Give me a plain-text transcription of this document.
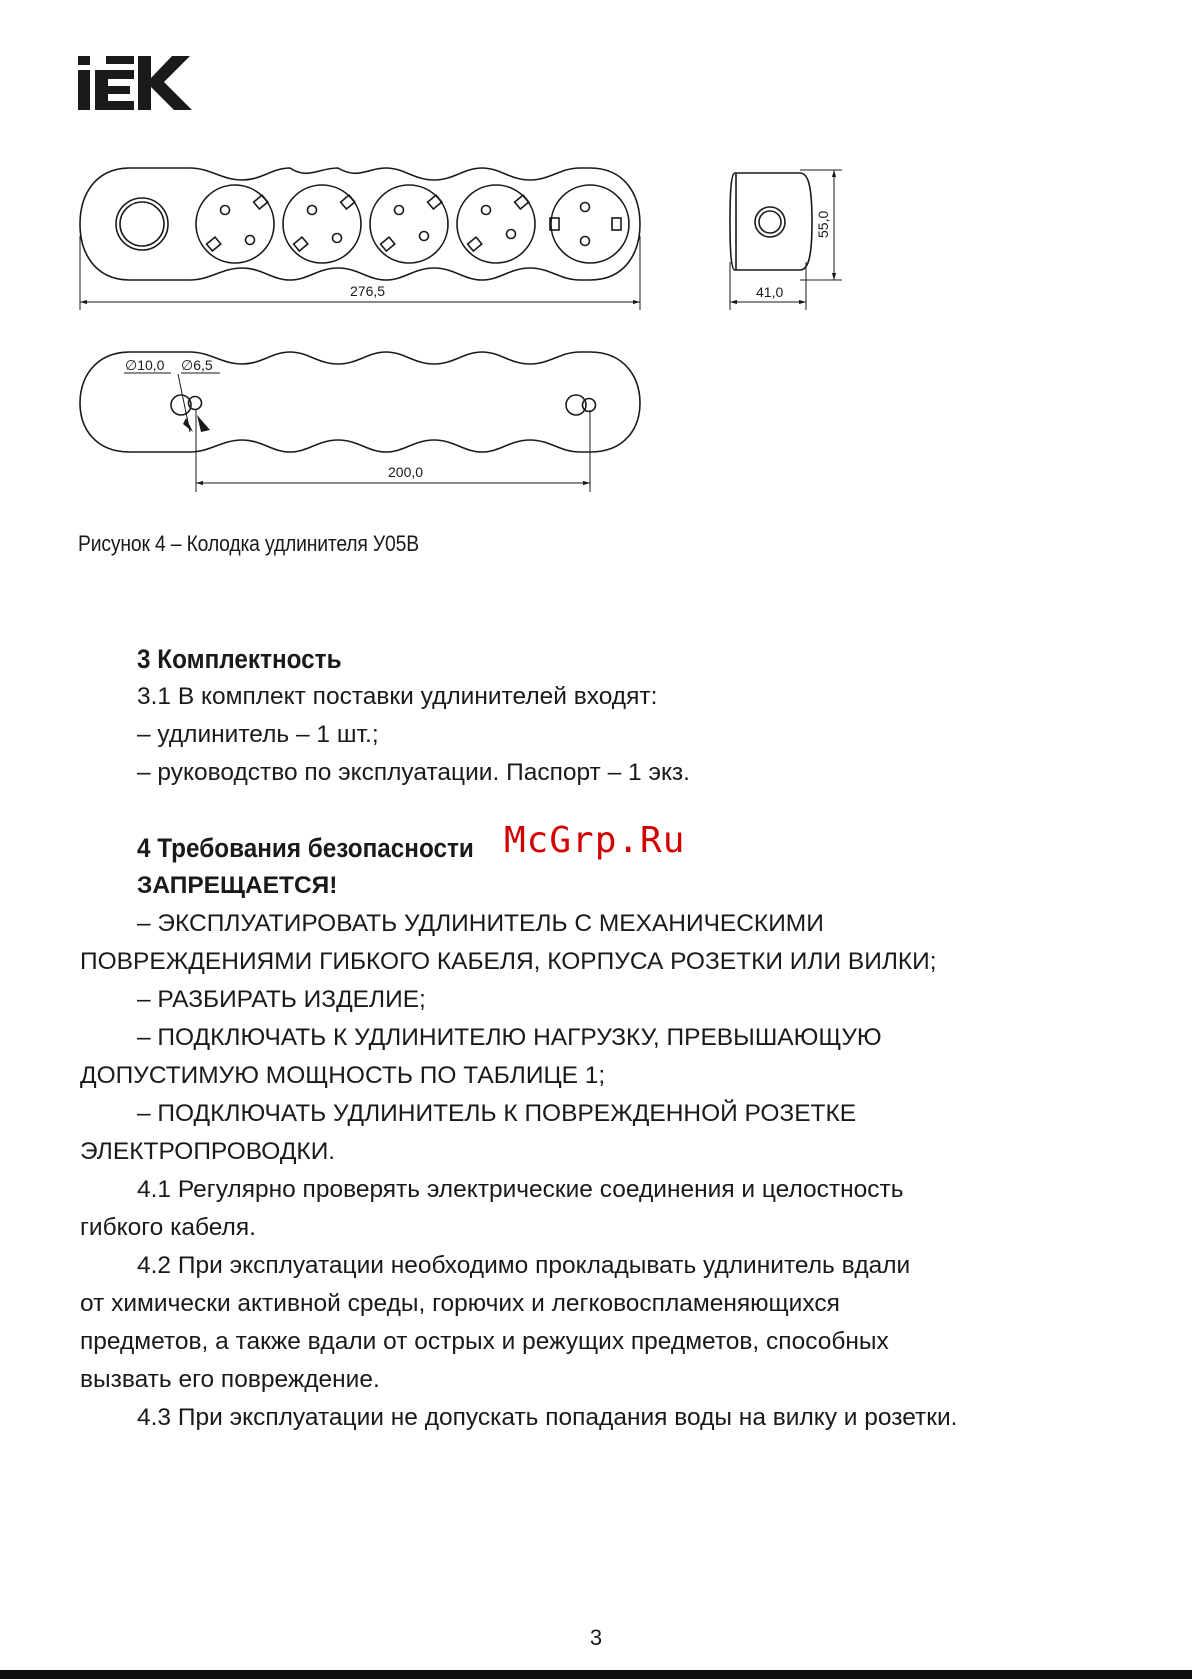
276,5
55,0
41,0
∅10,0 ∅6,5
200,0
Рисунок 4 – Колодка удлинителя У05В
3 Комплектность
3.1 В комплект поставки удлинителей входят:
– удлинитель – 1 шт.;
– руководство по эксплуатации. Паспорт – 1 экз.
4 Требования безопасности
ЗАПРЕЩАЕТСЯ!
– ЭКСПЛУАТИРОВАТЬ УДЛИНИТЕЛЬ С МЕХАНИЧЕСКИМИ
ПОВРЕЖДЕНИЯМИ ГИБКОГО КАБЕЛЯ, КОРПУСА РОЗЕТКИ ИЛИ ВИЛКИ;
– РАЗБИРАТЬ ИЗДЕЛИЕ;
– ПОДКЛЮЧАТЬ К УДЛИНИТЕЛЮ НАГРУЗКУ, ПРЕВЫШАЮЩУЮ
ДОПУСТИМУЮ МОЩНОСТЬ ПО ТАБЛИЦЕ 1;
– ПОДКЛЮЧАТЬ УДЛИНИТЕЛЬ К ПОВРЕЖДЕННОЙ РОЗЕТКЕ
ЭЛЕКТРОПРОВОДКИ.
4.1 Регулярно проверять электрические соединения и целостность
гибкого кабеля.
4.2 При эксплуатации необходимо прокладывать удлинитель вдали
от химически активной среды, горючих и легковоспламеняющихся
предметов, а также вдали от острых и режущих предметов, способных
вызвать его повреждение.
4.3 При эксплуатации не допускать попадания воды на вилку и розетки.
McGrp.Ru
3
